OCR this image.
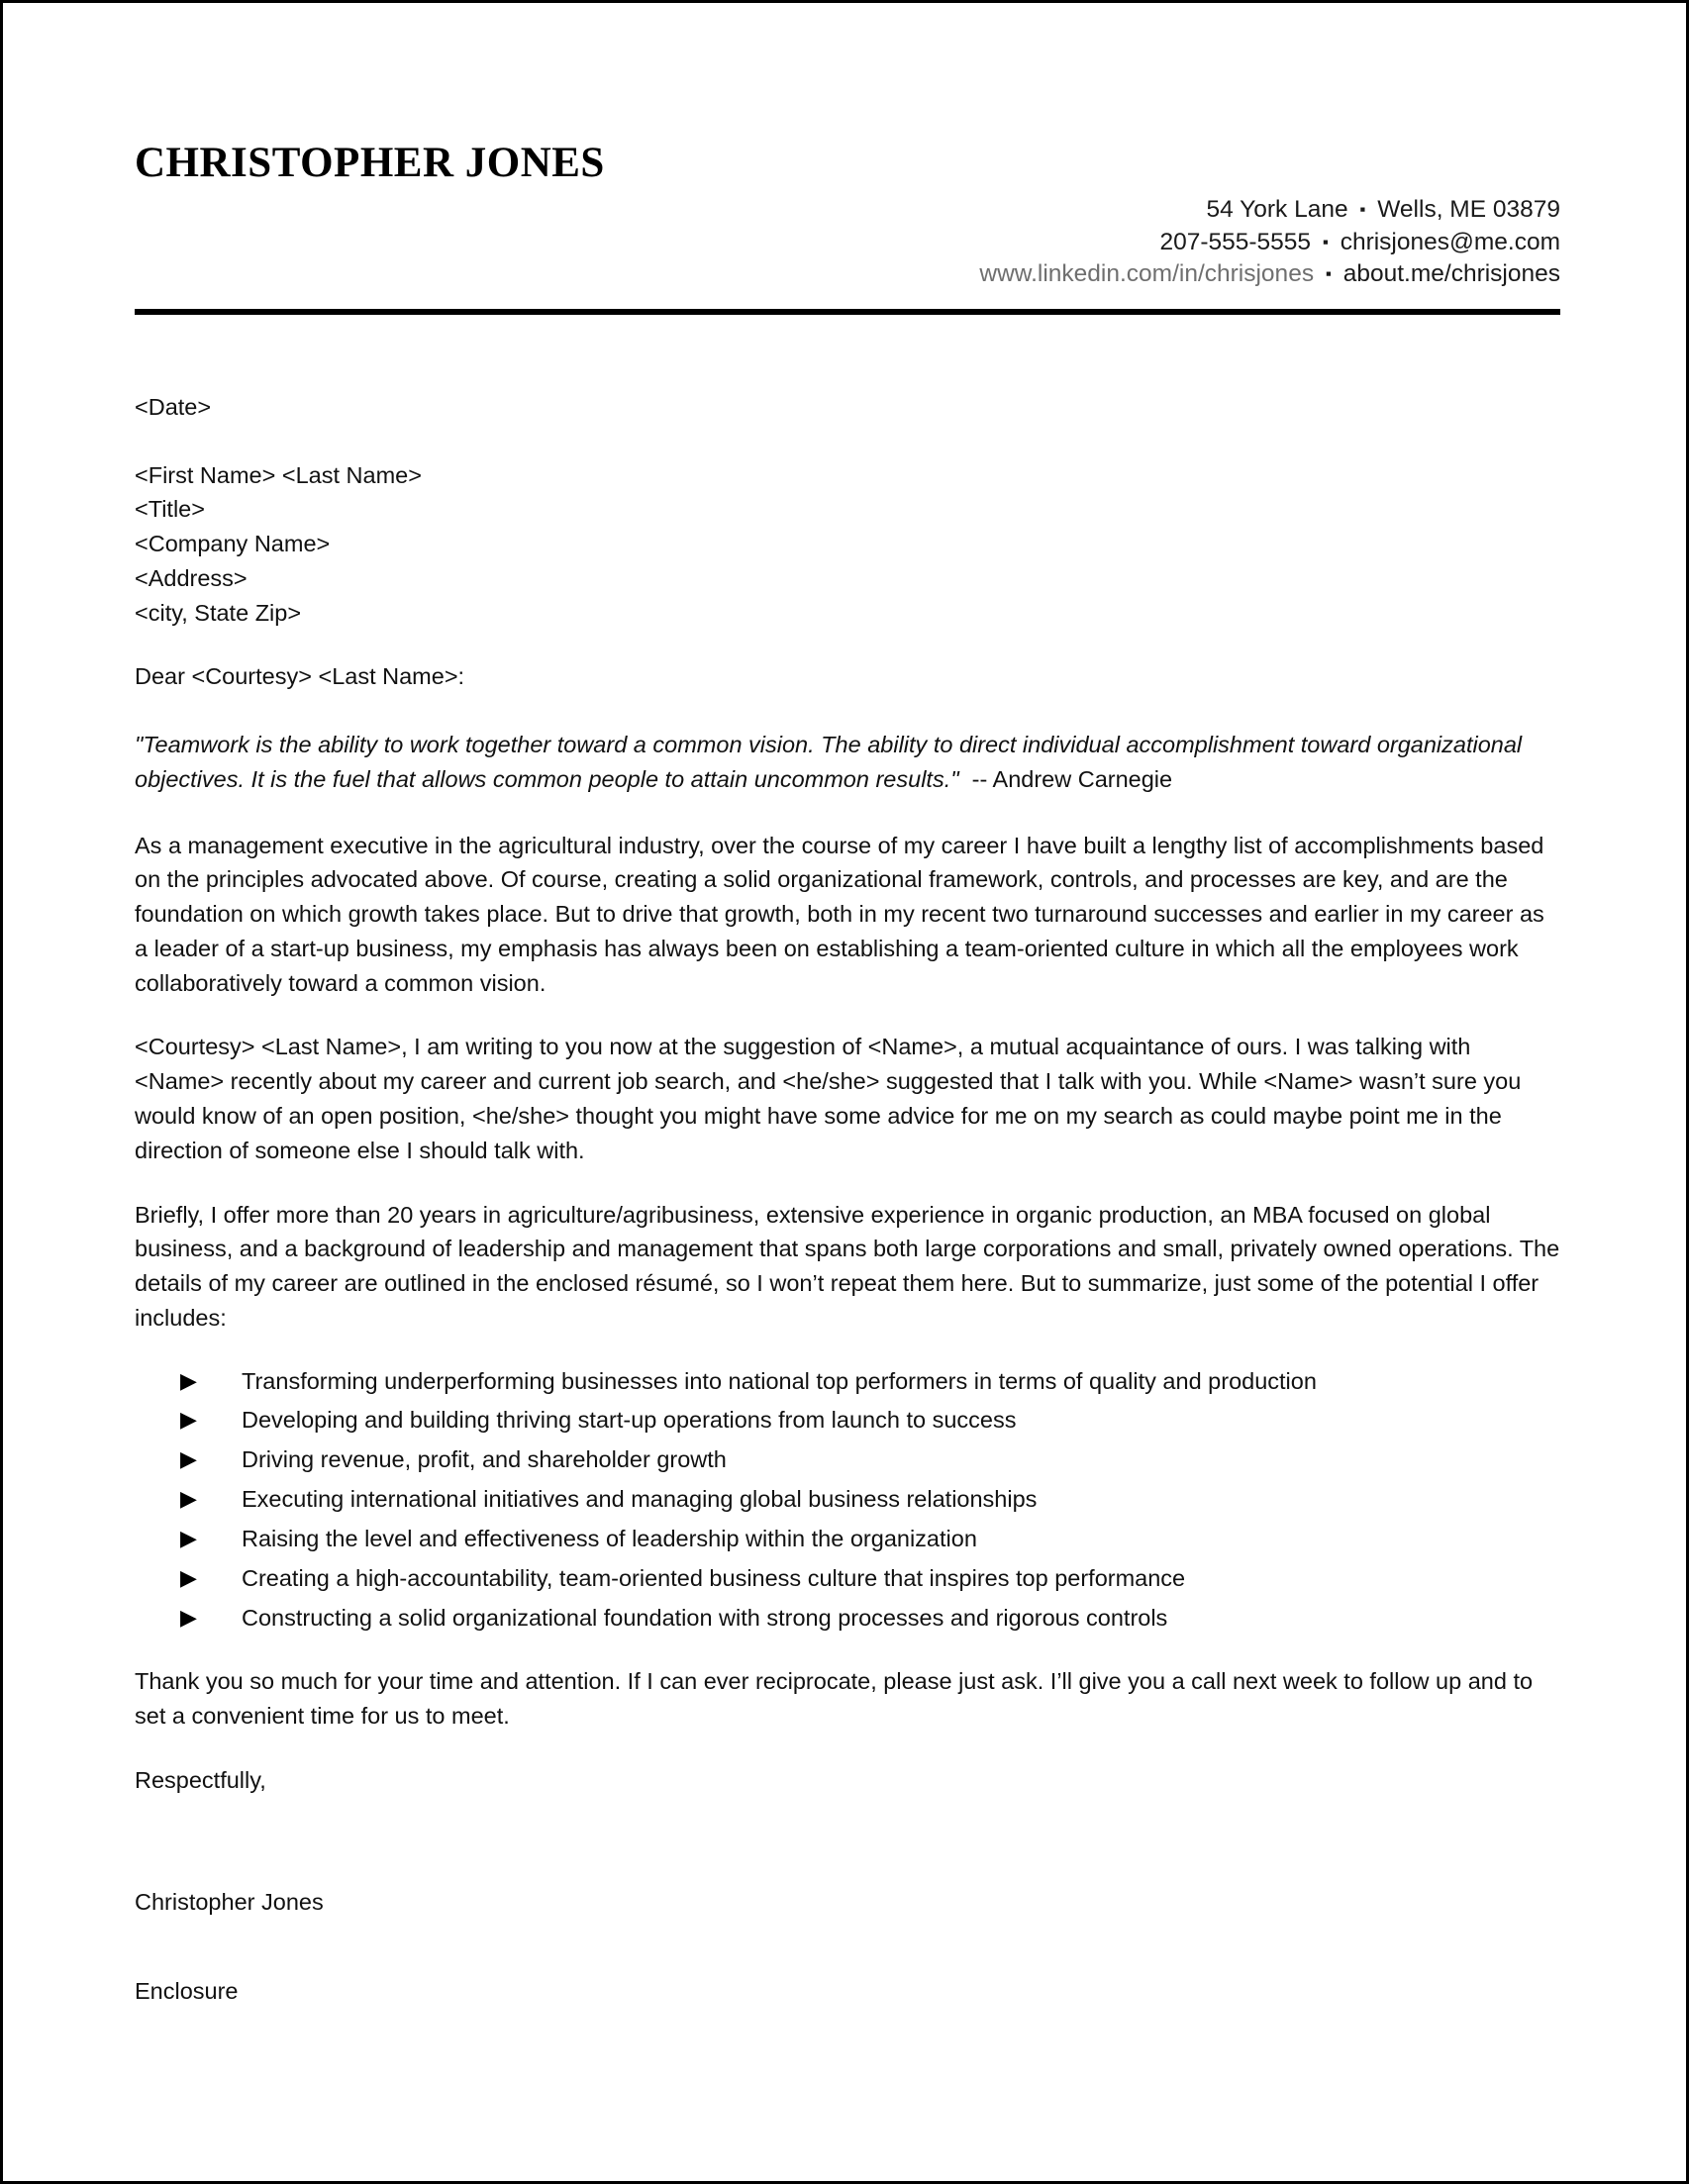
CHRISTOPHER JONES
54 York Lane ▪ Wells, ME 03879
207-555-5555 ▪ chrisjones@me.com
www.linkedin.com/in/chrisjones ▪ about.me/chrisjones

<Date>

<First Name> <Last Name>
<Title>
<Company Name>
<Address>
<city, State Zip>

Dear <Courtesy> <Last Name>:

"Teamwork is the ability to work together toward a common vision. The ability to direct individual accomplishment toward organizational objectives. It is the fuel that allows common people to attain uncommon results." -- Andrew Carnegie

As a management executive in the agricultural industry, over the course of my career I have built a lengthy list of accomplishments based on the principles advocated above. Of course, creating a solid organizational framework, controls, and processes are key, and are the foundation on which growth takes place. But to drive that growth, both in my recent two turnaround successes and earlier in my career as a leader of a start-up business, my emphasis has always been on establishing a team-oriented culture in which all the employees work collaboratively toward a common vision.

<Courtesy> <Last Name>, I am writing to you now at the suggestion of <Name>, a mutual acquaintance of ours. I was talking with <Name> recently about my career and current job search, and <he/she> suggested that I talk with you. While <Name> wasn’t sure you would know of an open position, <he/she> thought you might have some advice for me on my search as could maybe point me in the direction of someone else I should talk with.

Briefly, I offer more than 20 years in agriculture/agribusiness, extensive experience in organic production, an MBA focused on global business, and a background of leadership and management that spans both large corporations and small, privately owned operations. The details of my career are outlined in the enclosed résumé, so I won’t repeat them here. But to summarize, just some of the potential I offer includes:

▶ Transforming underperforming businesses into national top performers in terms of quality and production
▶ Developing and building thriving start-up operations from launch to success
▶ Driving revenue, profit, and shareholder growth
▶ Executing international initiatives and managing global business relationships
▶ Raising the level and effectiveness of leadership within the organization
▶ Creating a high-accountability, team-oriented business culture that inspires top performance
▶ Constructing a solid organizational foundation with strong processes and rigorous controls

Thank you so much for your time and attention. If I can ever reciprocate, please just ask. I’ll give you a call next week to follow up and to set a convenient time for us to meet.

Respectfully,

Christopher Jones

Enclosure
